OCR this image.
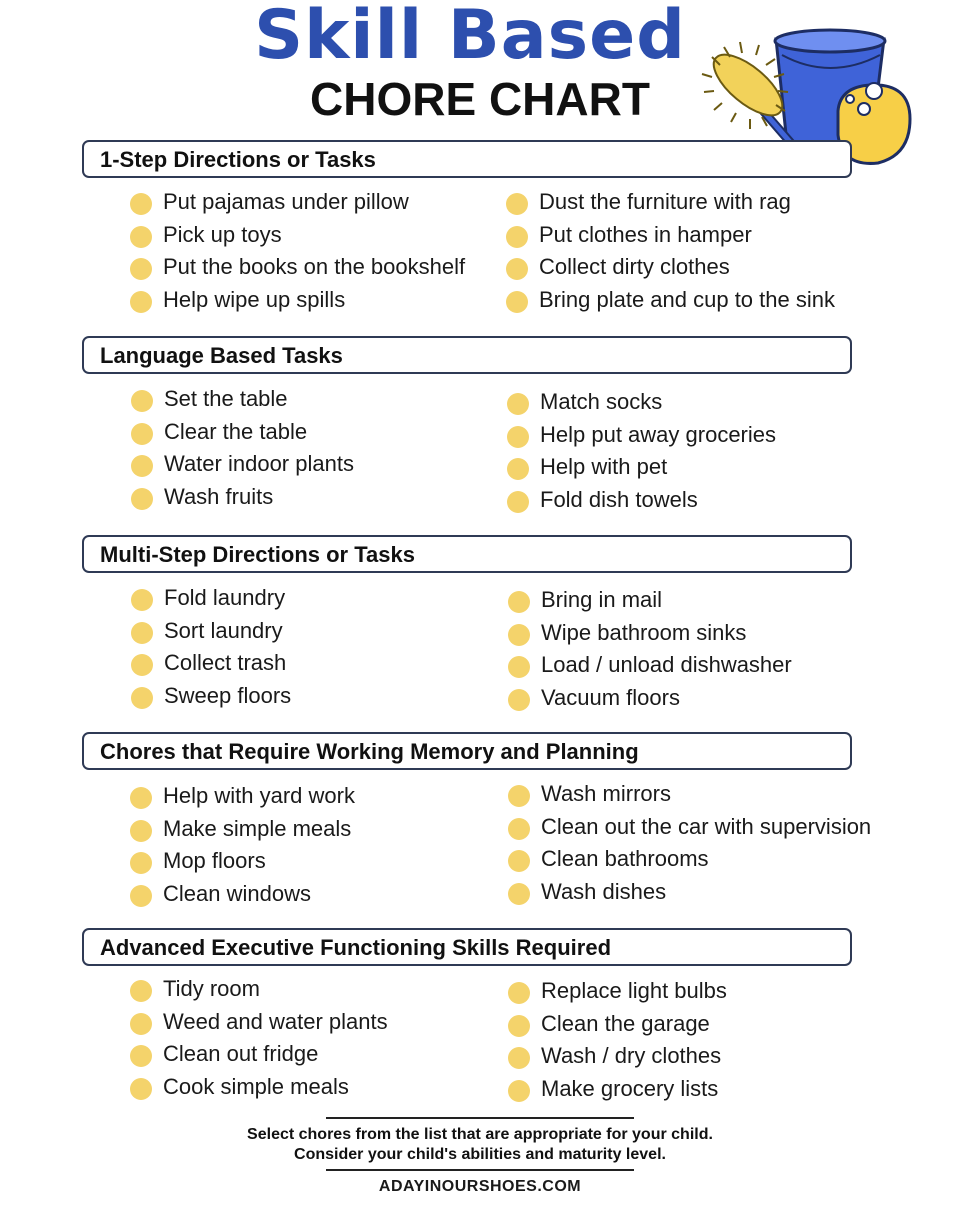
Skill Based
CHORE CHART
1-Step Directions or Tasks
Put pajamas under pillow
Pick up toys
Put the books on the bookshelf
Help wipe up spills
Dust the furniture with rag
Put clothes in hamper
Collect dirty clothes
Bring plate and cup to the sink
Language Based Tasks
Set the table
Clear the table
Water indoor plants
Wash fruits
Match socks
Help put away groceries
Help with pet
Fold dish towels
Multi-Step Directions or Tasks
Fold laundry
Sort laundry
Collect trash
Sweep floors
Bring in mail
Wipe bathroom sinks
Load / unload dishwasher
Vacuum floors
Chores that Require Working Memory and Planning
Help with yard work
Make simple meals
Mop floors
Clean windows
Wash mirrors
Clean out the car with supervision
Clean bathrooms
Wash dishes
Advanced Executive Functioning Skills Required
Tidy room
Weed and water plants
Clean out fridge
Cook simple meals
Replace light bulbs
Clean the garage
Wash / dry clothes
Make grocery lists
Select chores from the list that are appropriate for your child.
Consider your child's abilities and maturity level.
ADAYINOURSHOES.COM
